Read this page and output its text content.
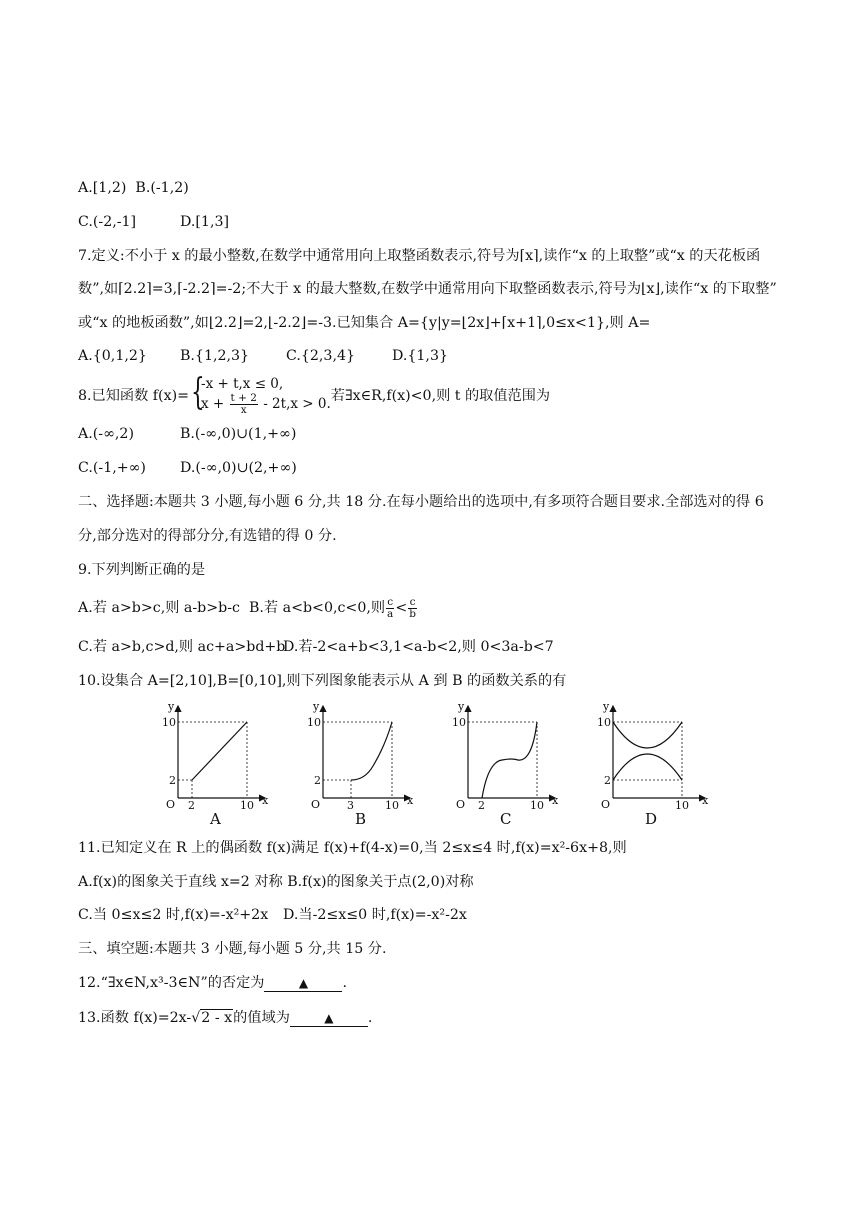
A.[1,2) B.(-1,2)
C.(-2,-1]	D.[1,3]
7.定义:不小于 x 的最小整数,在数学中通常用向上取整函数表示,符号为⌈x⌉,读作“x 的上取整”或“x 的天花板函
数”,如⌈2.2⌉=3,⌈-2.2⌉=-2;不大于 x 的最大整数,在数学中通常用向下取整函数表示,符号为⌊x⌋,读作“x 的下取整”
或“x 的地板函数”,如⌊2.2⌋=2,⌊-2.2⌋=-3.已知集合 A={y|y=⌊2x⌋+⌈x+1⌉,0≤x<1},则 A=
A.{0,1,2} B.{1,2,3}	C.{2,3,4}	D.{1,3}
8.已知函数 f(x)= {
-x + t,x ≤ 0,
$x + \frac{t + 2}{x} - 2t,x > 0$. 若∃x∈R,f(x)<0,则 t 的取值范围为
A.(-∞,2)	B.(-∞,0)∪(1,+∞)
C.(-1,+∞) D.(-∞,0)∪(2,+∞)
二、选择题:本题共 3 小题,每小题 6 分,共 18 分.在每小题给出的选项中,有多项符合题目要求.全部选对的得 6
分,部分选对的得部分分,有选错的得 0 分.
9.下列判断正确的是
A.若 a>b>c,则 a-b>b-c B.若 a<b<0,c<0,则 $\frac{c}{a} < \frac{c}{b}$
C.若 a>b,c>d,则 ac+a>bd+bD.若-2<a+b<3,1<a-b<2,则 0<3a-b<7
10.设集合 A=[2,10],B=[0,10],则下列图象能表示从 A 到 B 的函数关系的有
y
x
O
10
2
2	10
A
y
x
O
10
2
3	10
B
y
x
O
10
2	10
C
y
x
O
10
2
10
D
11.已知定义在 R 上的偶函数 f(x)满足 f(x)+f(4-x)=0,当 2≤x≤4 时,f(x)=x²-6x+8,则
A.f(x)的图象关于直线 x=2 对称 B.f(x)的图象关于点(2,0)对称
C.当 0≤x≤2 时,f(x)=-x²+2x D.当-2≤x≤0 时,f(x)=-x²-2x
三、填空题:本题共 3 小题,每小题 5 分,共 15 分.
12.“∃x∈N,x³-3∈N”的否定为	▲ .
13.函数 f(x)=2x-√2 - x的值域为	▲ .
